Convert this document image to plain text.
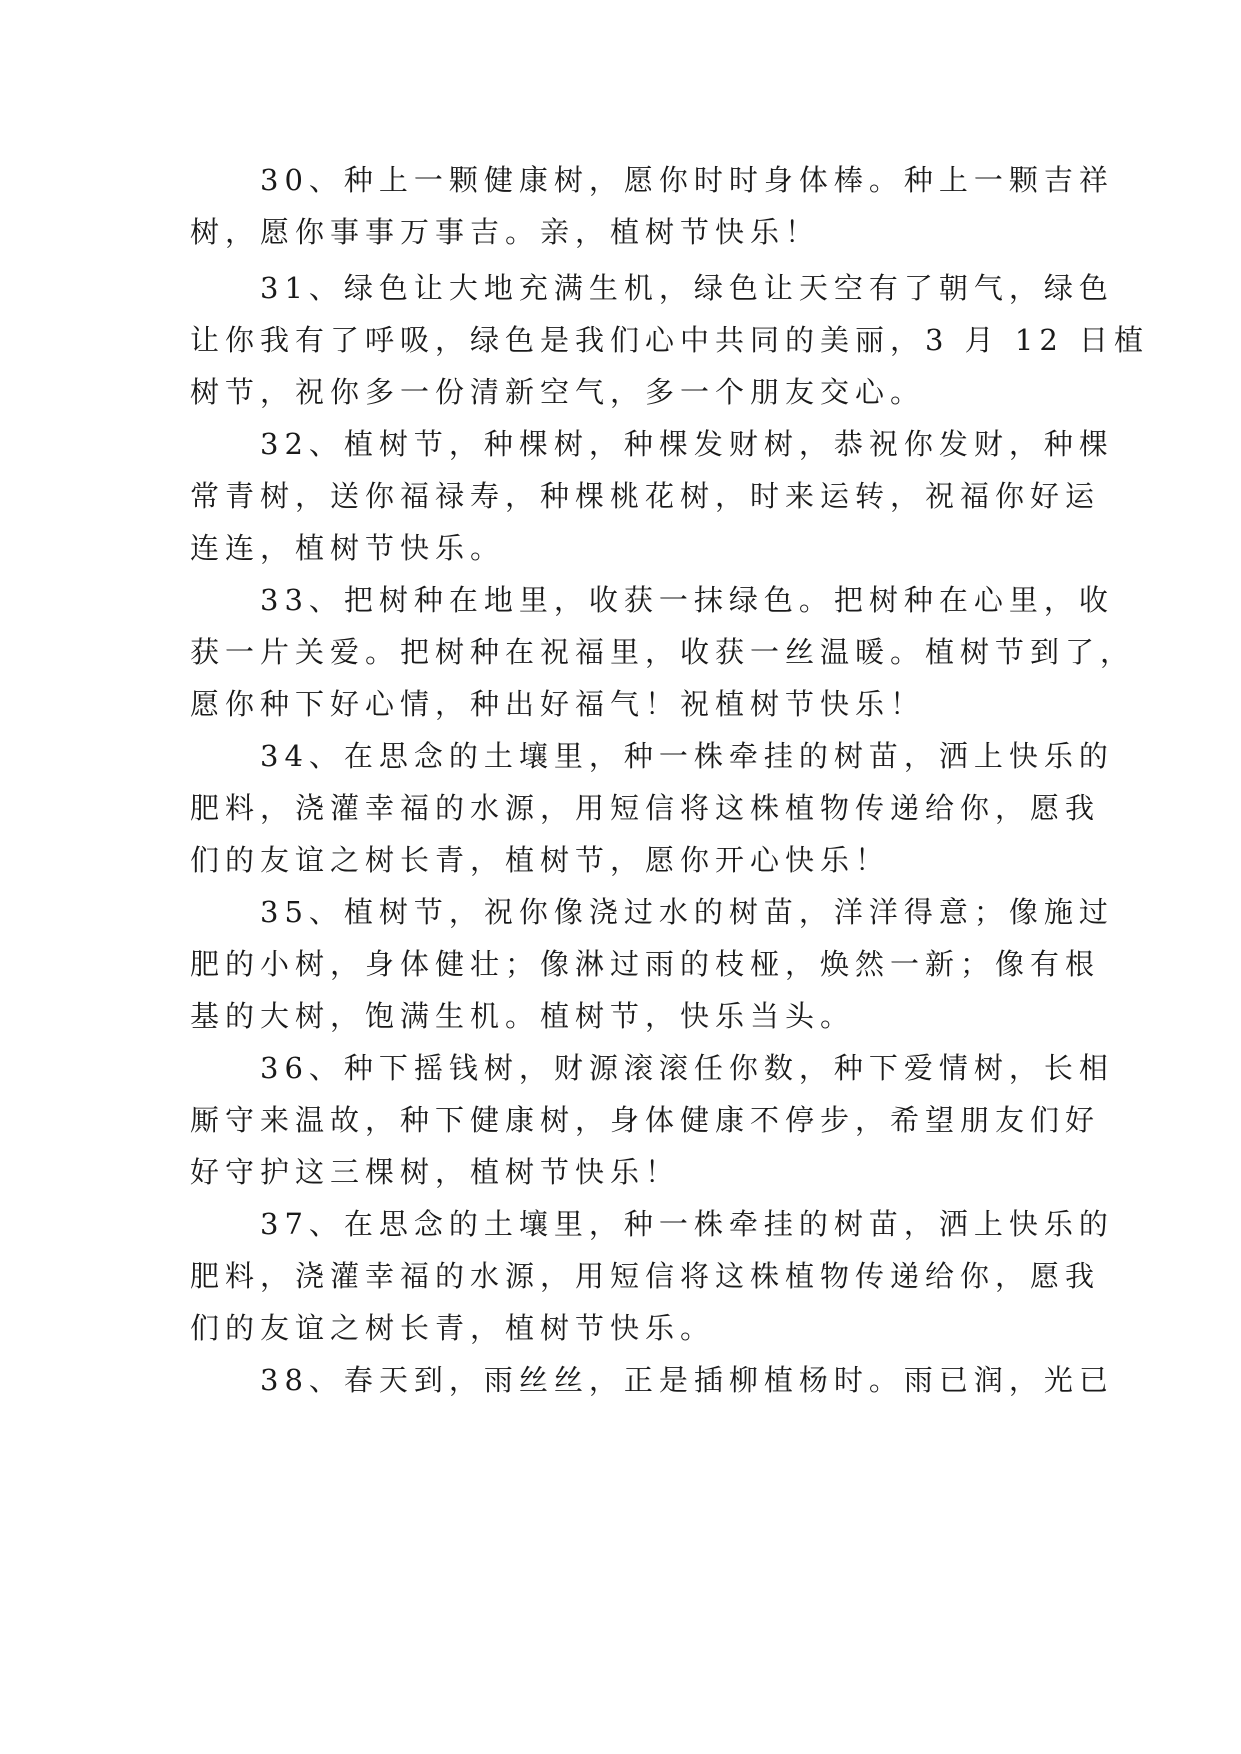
　　30、种上一颗健康树，愿你时时身体棒。种上一颗吉祥
树，愿你事事万事吉。亲，植树节快乐！
　　31、绿色让大地充满生机，绿色让天空有了朝气，绿色
让你我有了呼吸，绿色是我们心中共同的美丽，3 月 12 日植
树节，祝你多一份清新空气，多一个朋友交心。
　　32、植树节，种棵树，种棵发财树，恭祝你发财，种棵
常青树，送你福禄寿，种棵桃花树，时来运转，祝福你好运
连连，植树节快乐。
　　33、把树种在地里，收获一抹绿色。把树种在心里，收
获一片关爱。把树种在祝福里，收获一丝温暖。植树节到了，
愿你种下好心情，种出好福气！祝植树节快乐！
　　34、在思念的土壤里，种一株牵挂的树苗，洒上快乐的
肥料，浇灌幸福的水源，用短信将这株植物传递给你，愿我
们的友谊之树长青，植树节，愿你开心快乐！
　　35、植树节，祝你像浇过水的树苗，洋洋得意；像施过
肥的小树，身体健壮；像淋过雨的枝桠，焕然一新；像有根
基的大树，饱满生机。植树节，快乐当头。
　　36、种下摇钱树，财源滚滚任你数，种下爱情树，长相
厮守来温故，种下健康树，身体健康不停步，希望朋友们好
好守护这三棵树，植树节快乐！
　　37、在思念的土壤里，种一株牵挂的树苗，洒上快乐的
肥料，浇灌幸福的水源，用短信将这株植物传递给你，愿我
们的友谊之树长青，植树节快乐。
　　38、春天到，雨丝丝，正是插柳植杨时。雨已润，光已
